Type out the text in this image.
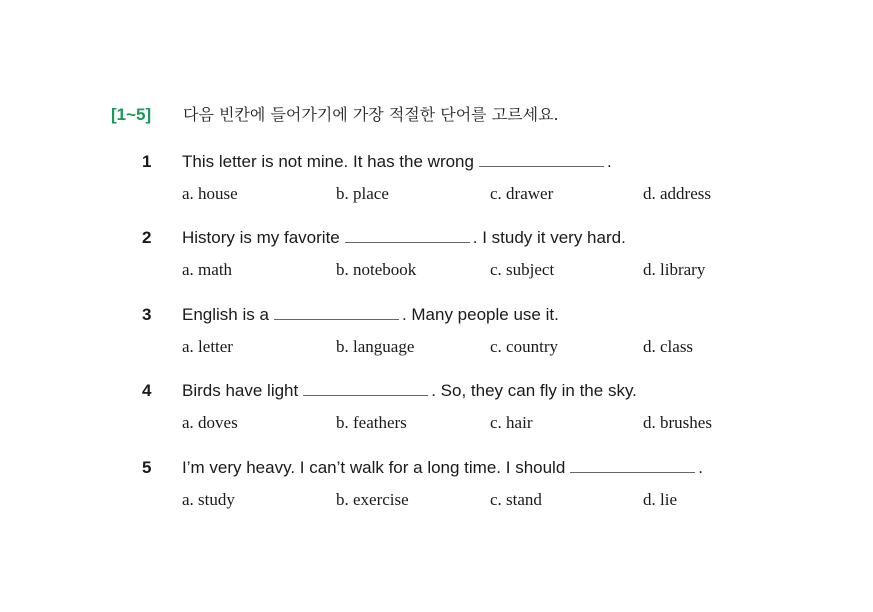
[1~5]	다음 빈칸에 들어가기에 가장 적절한 단어를 고르세요.
1 This letter is not mine. It has the wrong	.
a. house	b. place	c. drawer	d. address
2 History is my favorite	. I study it very hard.
a. math	b. notebook	c. subject	d. library
3 English is a	. Many people use it.
a. letter	b. language	c. country	d. class
4 Birds have light	. So, they can fly in the sky.
a. doves	b. feathers	c. hair	d. brushes
5 I’m very heavy. I can’t walk for a long time. I should	.
a. study	b. exercise	c. stand	d. lie
